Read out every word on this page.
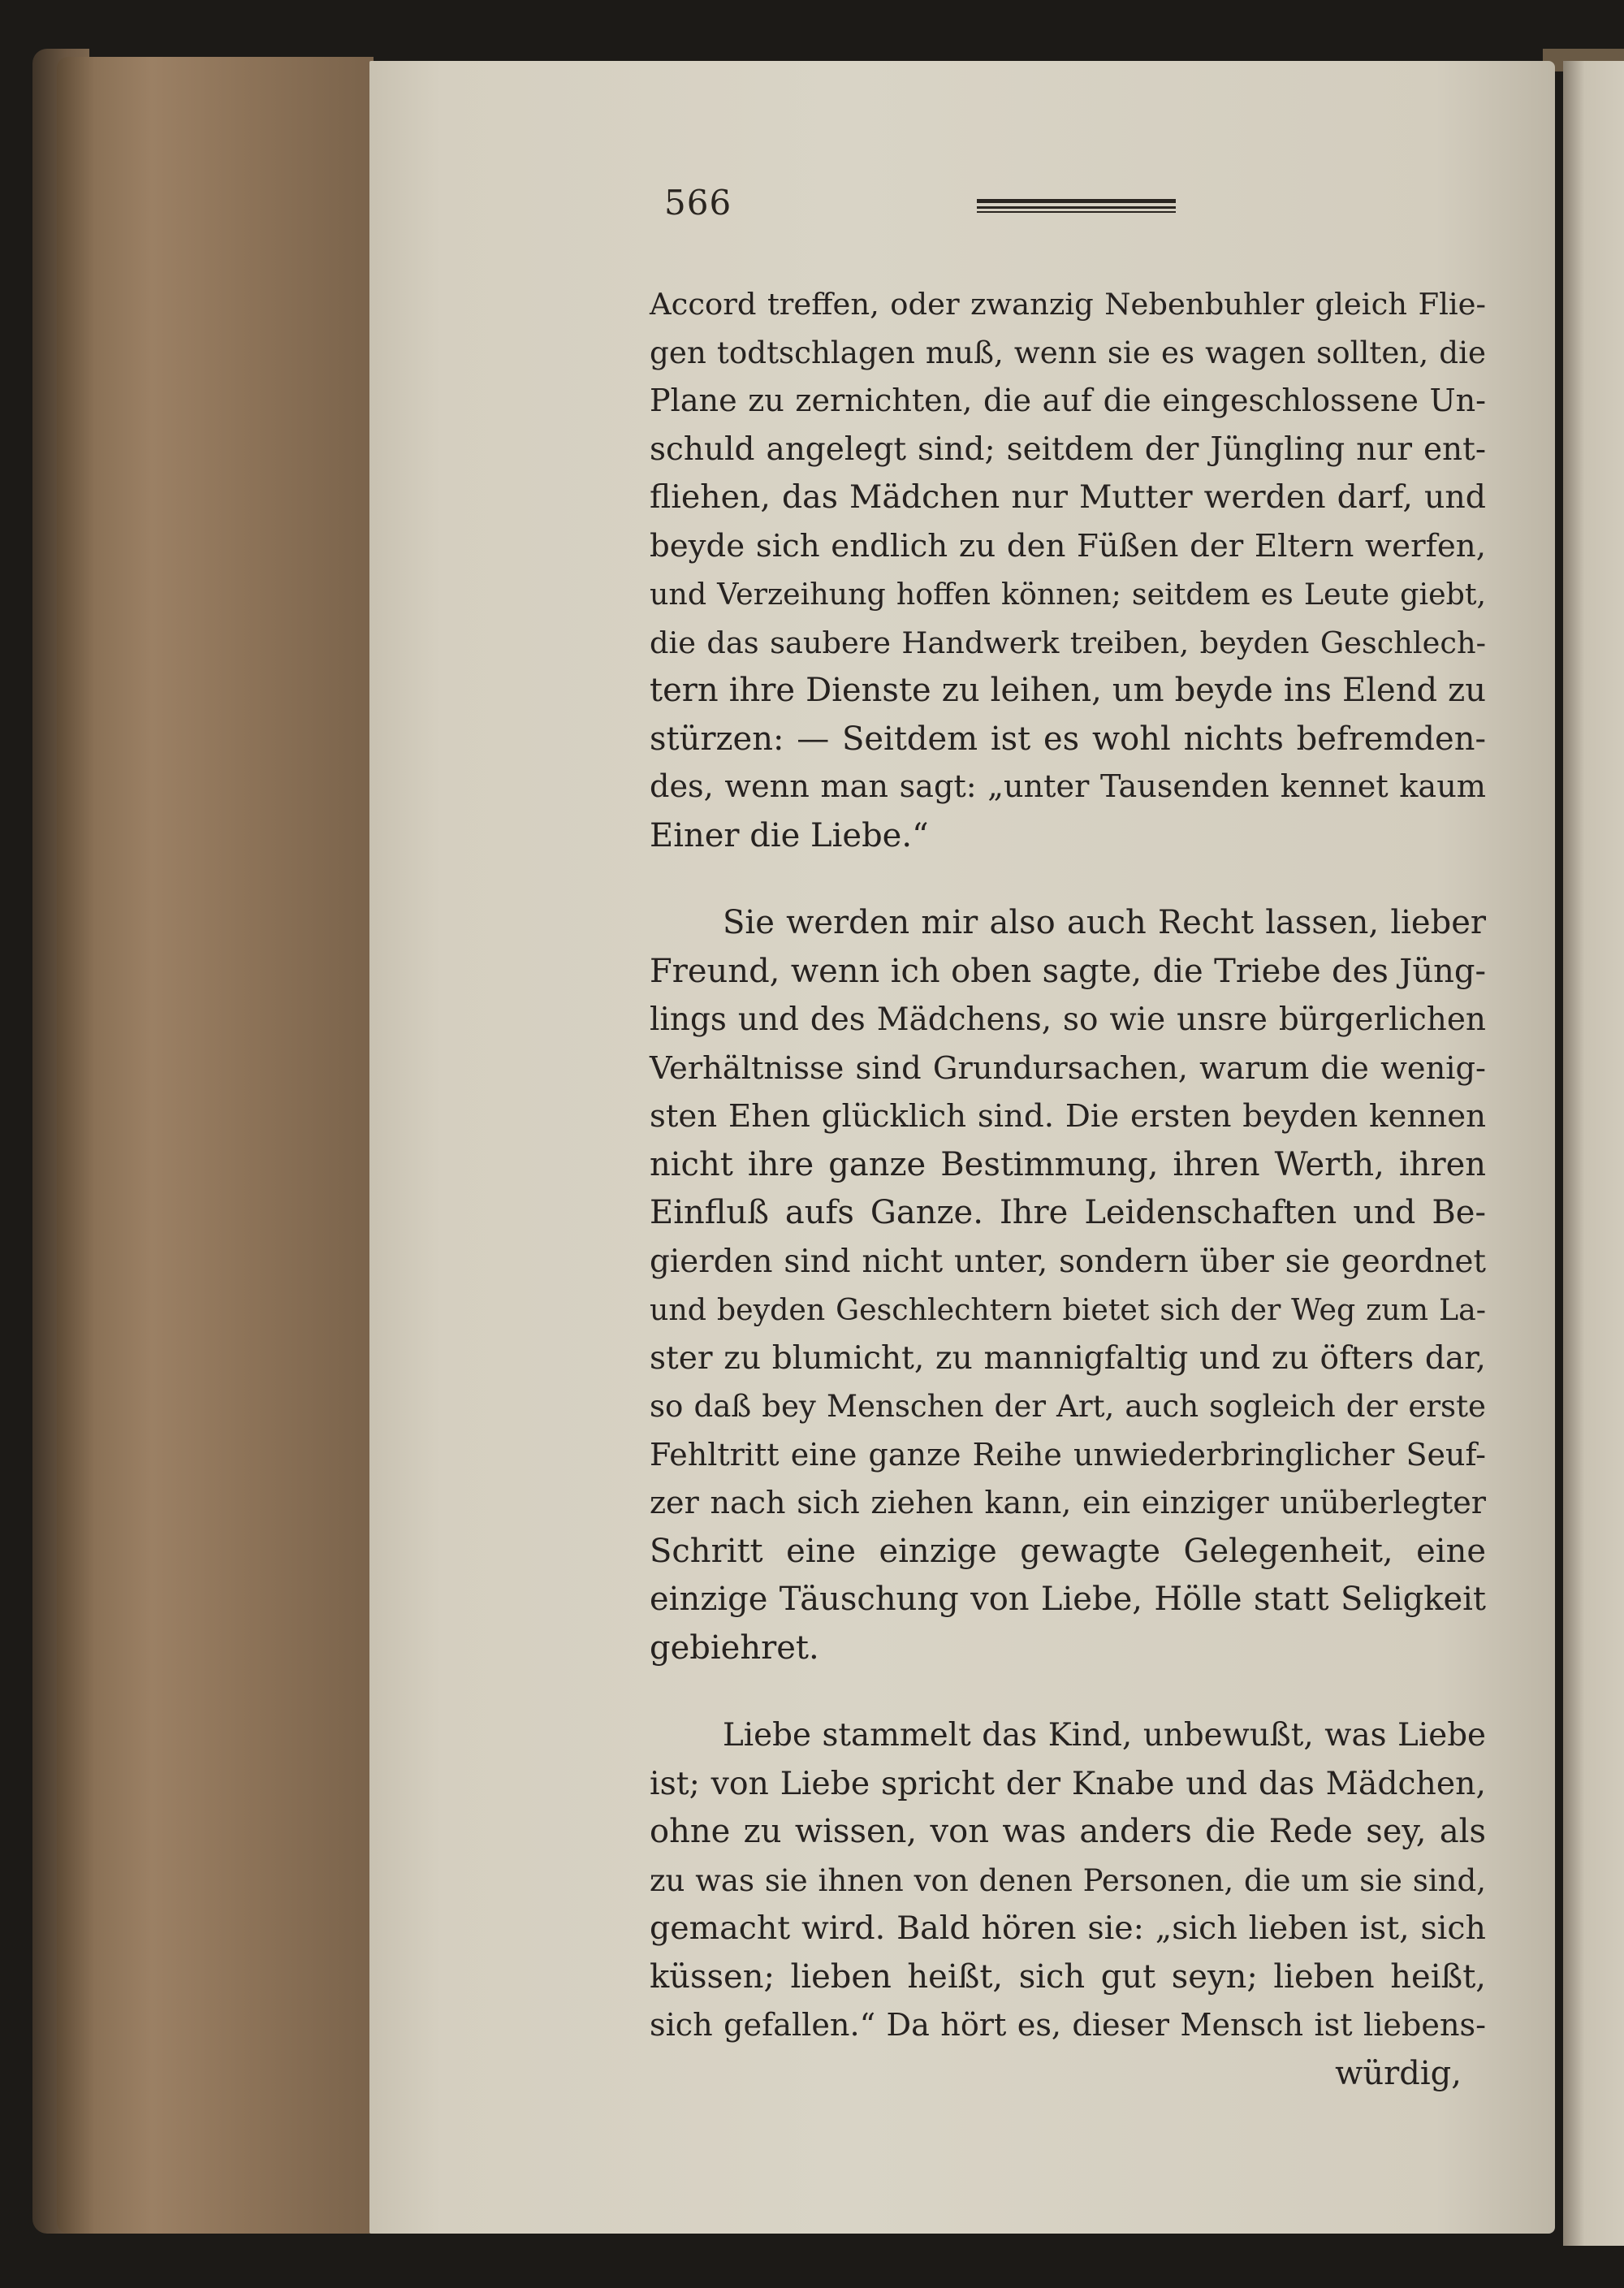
566
Accord treffen, oder zwanzig Nebenbuhler gleich Flie-
gen todtschlagen muß, wenn sie es wagen sollten, die
Plane zu zernichten, die auf die eingeschlossene Un-
schuld angelegt sind; seitdem der Jüngling nur ent-
fliehen, das Mädchen nur Mutter werden darf, und
beyde sich endlich zu den Füßen der Eltern werfen,
und Verzeihung hoffen können; seitdem es Leute giebt,
die das saubere Handwerk treiben, beyden Geschlech-
tern ihre Dienste zu leihen, um beyde ins Elend zu
stürzen: — Seitdem ist es wohl nichts befremden-
des, wenn man sagt: „unter Tausenden kennet kaum
Einer die Liebe.“
Sie werden mir also auch Recht lassen, lieber
Freund, wenn ich oben sagte, die Triebe des Jüng-
lings und des Mädchens, so wie unsre bürgerlichen
Verhältnisse sind Grundursachen, warum die wenig-
sten Ehen glücklich sind. Die ersten beyden kennen
nicht ihre ganze Bestimmung, ihren Werth, ihren
Einfluß aufs Ganze. Ihre Leidenschaften und Be-
gierden sind nicht unter, sondern über sie geordnet
und beyden Geschlechtern bietet sich der Weg zum La-
ster zu blumicht, zu mannigfaltig und zu öfters dar,
so daß bey Menschen der Art, auch sogleich der erste
Fehltritt eine ganze Reihe unwiederbringlicher Seuf-
zer nach sich ziehen kann, ein einziger unüberlegter
Schritt eine einzige gewagte Gelegenheit, eine
einzige Täuschung von Liebe, Hölle statt Seligkeit
gebiehret.
Liebe stammelt das Kind, unbewußt, was Liebe
ist; von Liebe spricht der Knabe und das Mädchen,
ohne zu wissen, von was anders die Rede sey, als
zu was sie ihnen von denen Personen, die um sie sind,
gemacht wird. Bald hören sie: „sich lieben ist, sich
küssen; lieben heißt, sich gut seyn; lieben heißt,
sich gefallen.“ Da hört es, dieser Mensch ist liebens-
würdig,
